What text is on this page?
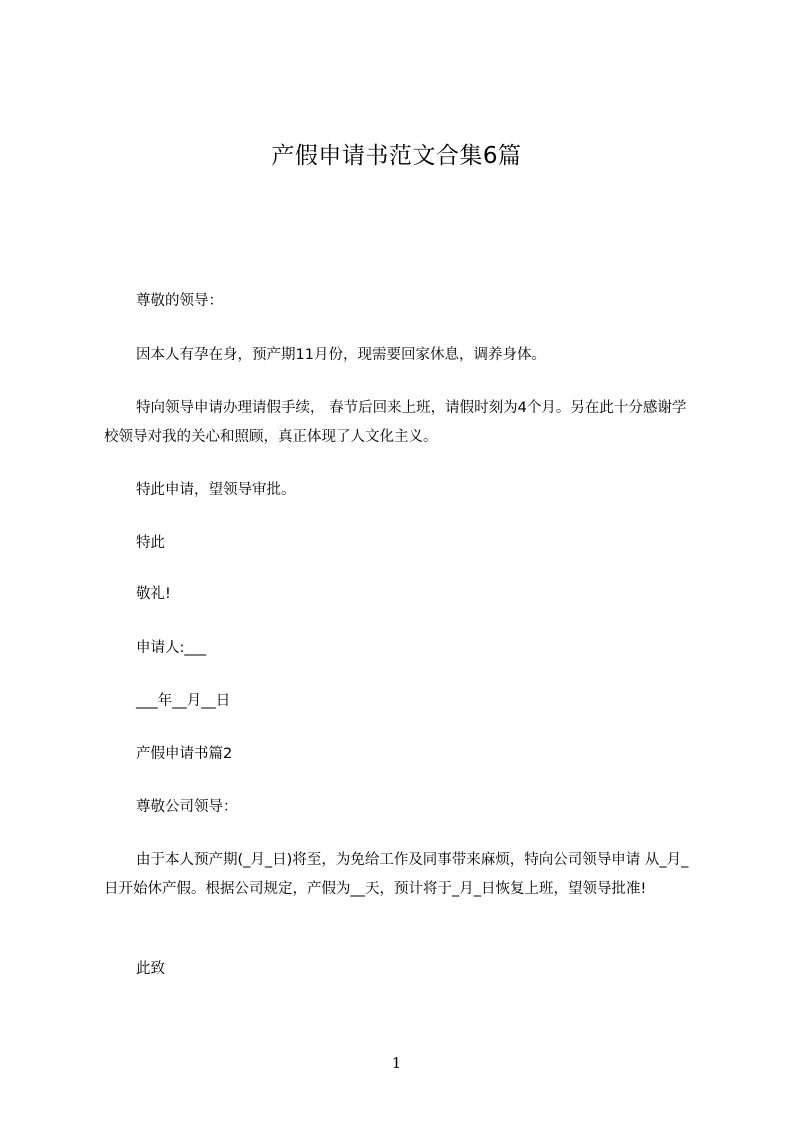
产假申请书范文合集6篇
尊敬的领导：
因本人有孕在身，预产期11月份，现需要回家休息，调养身体。
特向领导申请办理请假手续， 春节后回来上班，请假时刻为4个月。另在此十分感谢学校领导对我的关心和照顾，真正体现了人文化主义。
特此申请，望领导审批。
特此
敬礼!
申请人:___
___年__月__日
产假申请书篇2
尊敬公司领导：
由于本人预产期(_月_日)将至，为免给工作及同事带来麻烦，特向公司领导申请 从_月_日开始休产假。根据公司规定，产假为__天，预计将于_月_日恢复上班，望领导批准!
此致
1
